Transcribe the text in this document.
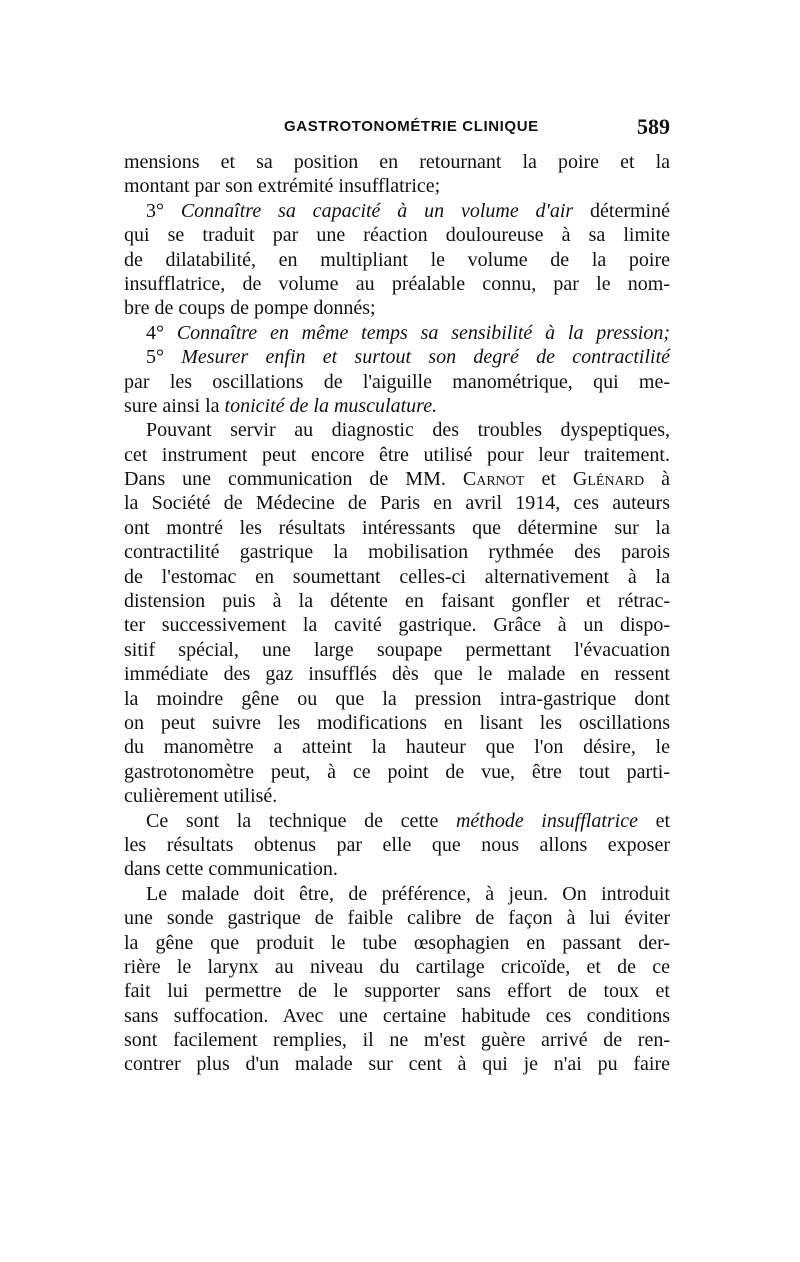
GASTROTONOMÉTRIE CLINIQUE	589
mensions et sa position en retournant la poire et la
montant par son extrémité insufflatrice;
3° Connaître sa capacité à un volume d'air déterminé
qui se traduit par une réaction douloureuse à sa limite
de dilatabilité, en multipliant le volume de la poire
insufflatrice, de volume au préalable connu, par le nom-
bre de coups de pompe donnés;
4° Connaître en même temps sa sensibilité à la pression;
5° Mesurer enfin et surtout son degré de contractilité
par les oscillations de l'aiguille manométrique, qui me-
sure ainsi la tonicité de la musculature.
Pouvant servir au diagnostic des troubles dyspeptiques,
cet instrument peut encore être utilisé pour leur traitement.
Dans une communication de MM. Carnot et Glénard à
la Société de Médecine de Paris en avril 1914, ces auteurs
ont montré les résultats intéressants que détermine sur la
contractilité gastrique la mobilisation rythmée des parois
de l'estomac en soumettant celles-ci alternativement à la
distension puis à la détente en faisant gonfler et rétrac-
ter successivement la cavité gastrique. Grâce à un dispo-
sitif spécial, une large soupape permettant l'évacuation
immédiate des gaz insufflés dès que le malade en ressent
la moindre gêne ou que la pression intra-gastrique dont
on peut suivre les modifications en lisant les oscillations
du manomètre a atteint la hauteur que l'on désire, le
gastrotonomètre peut, à ce point de vue, être tout parti-
culièrement utilisé.
Ce sont la technique de cette méthode insufflatrice et
les résultats obtenus par elle que nous allons exposer
dans cette communication.
Le malade doit être, de préférence, à jeun. On introduit
une sonde gastrique de faible calibre de façon à lui éviter
la gêne que produit le tube œsophagien en passant der-
rière le larynx au niveau du cartilage cricoïde, et de ce
fait lui permettre de le supporter sans effort de toux et
sans suffocation. Avec une certaine habitude ces conditions
sont facilement remplies, il ne m'est guère arrivé de ren-
contrer plus d'un malade sur cent à qui je n'ai pu faire
